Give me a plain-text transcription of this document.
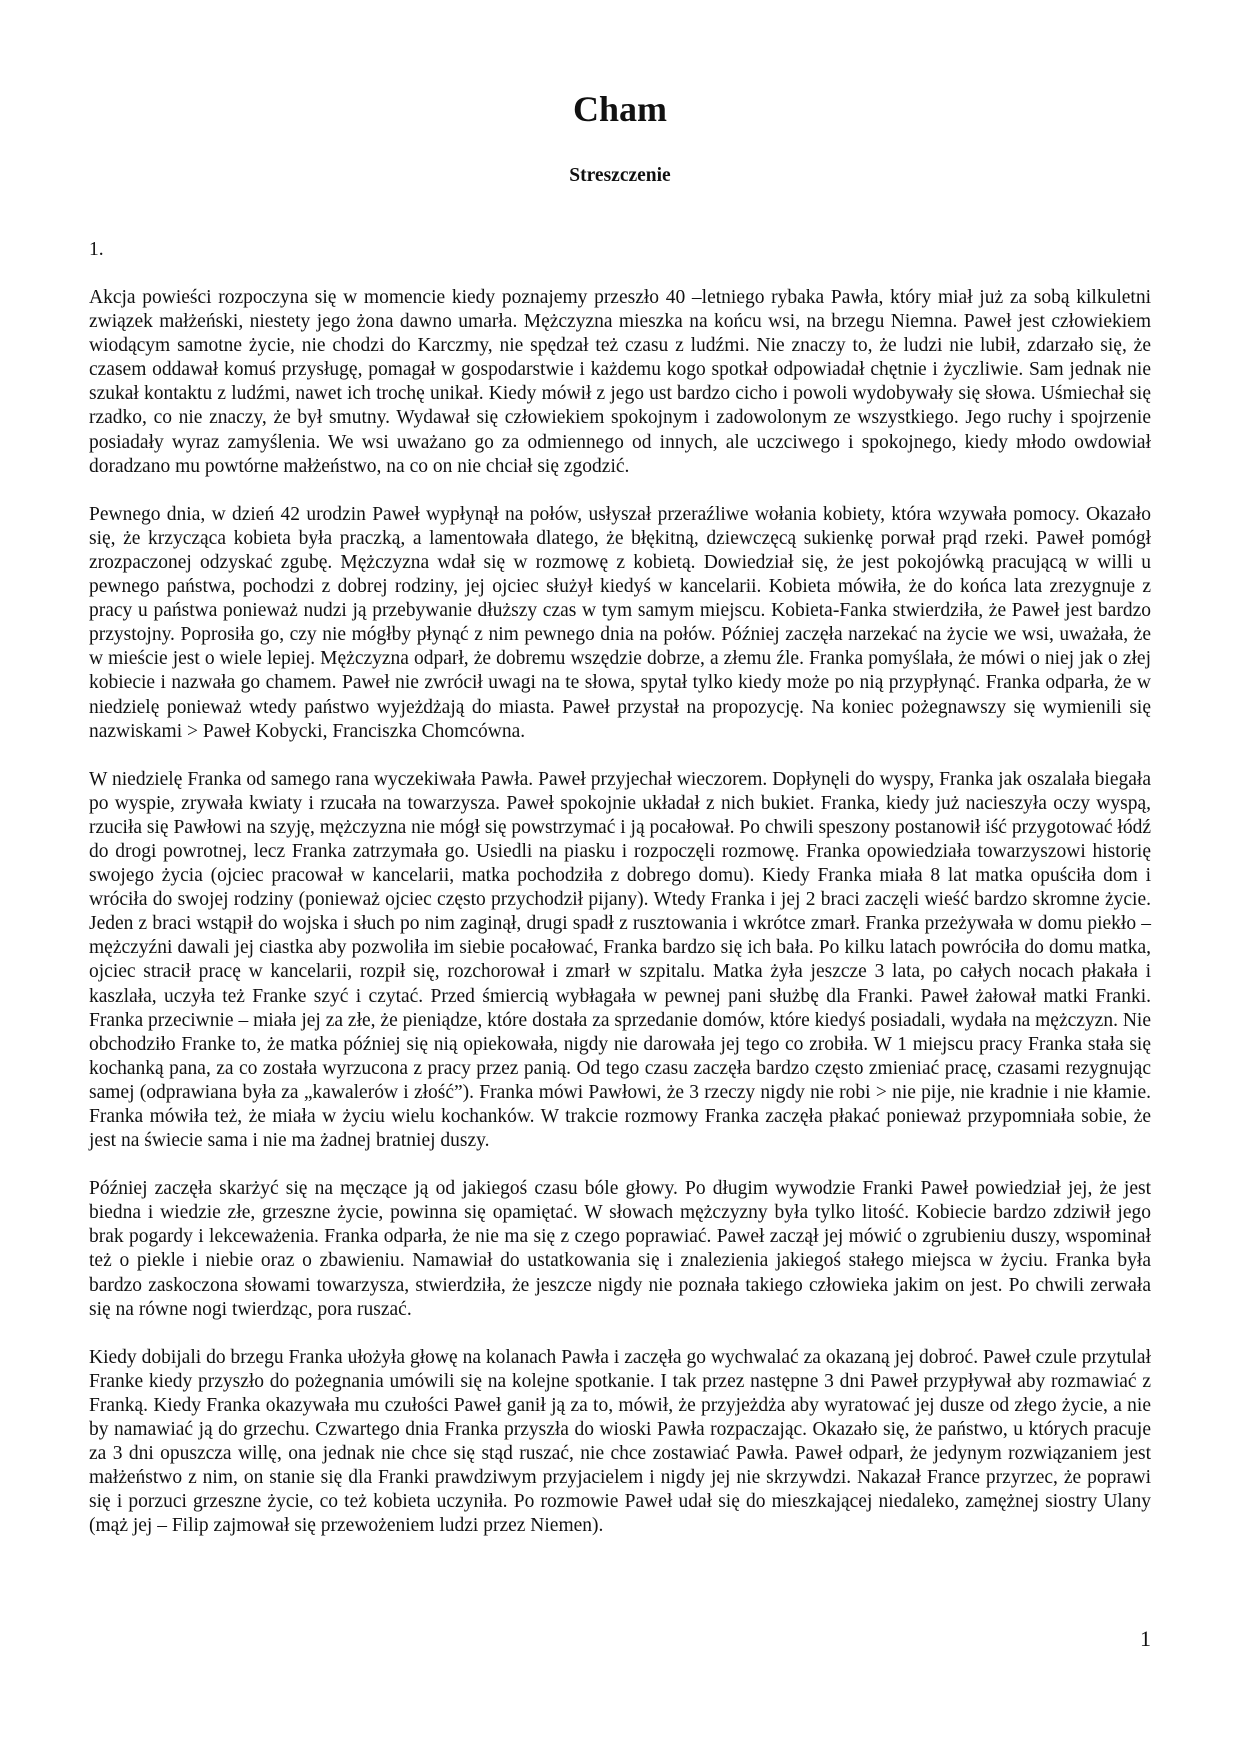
Cham
Streszczenie
1.

Akcja powieści rozpoczyna się w momencie kiedy poznajemy przeszło 40 –letniego rybaka Pawła, który miał już za sobą kilkuletni związek małżeński, niestety jego żona dawno umarła. Mężczyzna mieszka na końcu wsi, na brzegu Niemna. Paweł jest człowiekiem wiodącym samotne życie, nie chodzi do Karczmy, nie spędzał też czasu z ludźmi. Nie znaczy to, że ludzi nie lubił, zdarzało się, że czasem oddawał komuś przysługę, pomagał w gospodarstwie i każdemu kogo spotkał odpowiadał chętnie i życzliwie. Sam jednak nie szukał kontaktu z ludźmi, nawet ich trochę unikał. Kiedy mówił z jego ust bardzo cicho i powoli wydobywały się słowa. Uśmiechał się rzadko, co nie znaczy, że był smutny. Wydawał się człowiekiem spokojnym i zadowolonym ze wszystkiego. Jego ruchy i spojrzenie posiadały wyraz zamyślenia. We wsi uważano go za odmiennego od innych, ale uczciwego i spokojnego, kiedy młodo owdowiał doradzano mu powtórne małżeństwo, na co on nie chciał się zgodzić.

Pewnego dnia, w dzień 42 urodzin Paweł wypłynął na połów, usłyszał przeraźliwe wołania kobiety, która wzywała pomocy. Okazało się, że krzycząca kobieta była praczką, a lamentowała dlatego, że błękitną, dziewczęcą sukienkę porwał prąd rzeki. Paweł pomógł zrozpaczonej odzyskać zgubę. Mężczyzna wdał się w rozmowę z kobietą. Dowiedział się, że jest pokojówką pracującą w willi u pewnego państwa, pochodzi z dobrej rodziny, jej ojciec służył kiedyś w kancelarii. Kobieta mówiła, że do końca lata zrezygnuje z pracy u państwa ponieważ nudzi ją przebywanie dłuższy czas w tym samym miejscu. Kobieta-Fanka stwierdziła, że Paweł jest bardzo przystojny. Poprosiła go, czy nie mógłby płynąć z nim pewnego dnia na połów. Później zaczęła narzekać na życie we wsi, uważała, że w mieście jest o wiele lepiej. Mężczyzna odparł, że dobremu wszędzie dobrze, a złemu źle. Franka pomyślała, że mówi o niej jak o złej kobiecie i nazwała go chamem. Paweł nie zwrócił uwagi na te słowa, spytał tylko kiedy może po nią przypłynąć. Franka odparła, że w niedzielę ponieważ wtedy państwo wyjeżdżają do miasta. Paweł przystał na propozycję. Na koniec pożegnawszy się wymienili się nazwiskami > Paweł Kobycki, Franciszka Chomcówna.

W niedzielę Franka od samego rana wyczekiwała Pawła. Paweł przyjechał wieczorem. Dopłynęli do wyspy, Franka jak oszalała biegała po wyspie, zrywała kwiaty i rzucała na towarzysza. Paweł spokojnie układał z nich bukiet. Franka, kiedy już nacieszyła oczy wyspą, rzuciła się Pawłowi na szyję, mężczyzna nie mógł się powstrzymać i ją pocałował. Po chwili speszony postanowił iść przygotować łódź do drogi powrotnej, lecz Franka zatrzymała go. Usiedli na piasku i rozpoczęli rozmowę. Franka opowiedziała towarzyszowi historię swojego życia (ojciec pracował w kancelarii, matka pochodziła z dobrego domu). Kiedy Franka miała 8 lat matka opuściła dom i wróciła do swojej rodziny (ponieważ ojciec często przychodził pijany). Wtedy Franka i jej 2 braci zaczęli wieść bardzo skromne życie. Jeden z braci wstąpił do wojska i słuch po nim zaginął, drugi spadł z rusztowania i wkrótce zmarł. Franka przeżywała w domu piekło – mężczyźni dawali jej ciastka aby pozwoliła im siebie pocałować, Franka bardzo się ich bała. Po kilku latach powróciła do domu matka, ojciec stracił pracę w kancelarii, rozpił się, rozchorował i zmarł w szpitalu. Matka żyła jeszcze 3 lata, po całych nocach płakała i kaszlała, uczyła też Franke szyć i czytać. Przed śmiercią wybłagała w pewnej pani służbę dla Franki. Paweł żałował matki Franki. Franka przeciwnie – miała jej za złe, że pieniądze, które dostała za sprzedanie domów, które kiedyś posiadali, wydała na mężczyzn. Nie obchodziło Franke to, że matka później się nią opiekowała, nigdy nie darowała jej tego co zrobiła. W 1 miejscu pracy Franka stała się kochanką pana, za co została wyrzucona z pracy przez panią. Od tego czasu zaczęła bardzo często zmieniać pracę, czasami rezygnując samej (odprawiana była za „kawalerów i złość”). Franka mówi Pawłowi, że 3 rzeczy nigdy nie robi > nie pije, nie kradnie i nie kłamie. Franka mówiła też, że miała w życiu wielu kochanków. W trakcie rozmowy Franka zaczęła płakać ponieważ przypomniała sobie, że jest na świecie sama i nie ma żadnej bratniej duszy.

Później zaczęła skarżyć się na męczące ją od jakiegoś czasu bóle głowy. Po długim wywodzie Franki Paweł powiedział jej, że jest biedna i wiedzie złe, grzeszne życie, powinna się opamiętać. W słowach mężczyzny była tylko litość. Kobiecie bardzo zdziwił jego brak pogardy i lekceważenia. Franka odparła, że nie ma się z czego poprawiać. Paweł zaczął jej mówić o zgrubieniu duszy, wspominał też o piekle i niebie oraz o zbawieniu. Namawiał do ustatkowania się i znalezienia jakiegoś stałego miejsca w życiu. Franka była bardzo zaskoczona słowami towarzysza, stwierdziła, że jeszcze nigdy nie poznała takiego człowieka jakim on jest. Po chwili zerwała się na równe nogi twierdząc, pora ruszać.

Kiedy dobijali do brzegu Franka ułożyła głowę na kolanach Pawła i zaczęła go wychwalać za okazaną jej dobroć. Paweł czule przytulał Franke kiedy przyszło do pożegnania umówili się na kolejne spotkanie. I tak przez następne 3 dni Paweł przypływał aby rozmawiać z Franką. Kiedy Franka okazywała mu czułości Paweł ganił ją za to, mówił, że przyjeżdża aby wyratować jej dusze od złego życie, a nie by namawiać ją do grzechu. Czwartego dnia Franka przyszła do wioski Pawła rozpaczając. Okazało się, że państwo, u których pracuje za 3 dni opuszcza willę, ona jednak nie chce się stąd ruszać, nie chce zostawiać Pawła. Paweł odparł, że jedynym rozwiązaniem jest małżeństwo z nim, on stanie się dla Franki prawdziwym przyjacielem i nigdy jej nie skrzywdzi. Nakazał France przyrzec, że poprawi się i porzuci grzeszne życie, co też kobieta uczyniła. Po rozmowie Paweł udał się do mieszkającej niedaleko, zamężnej siostry Ulany (mąż jej – Filip zajmował się przewożeniem ludzi przez Niemen).

1
